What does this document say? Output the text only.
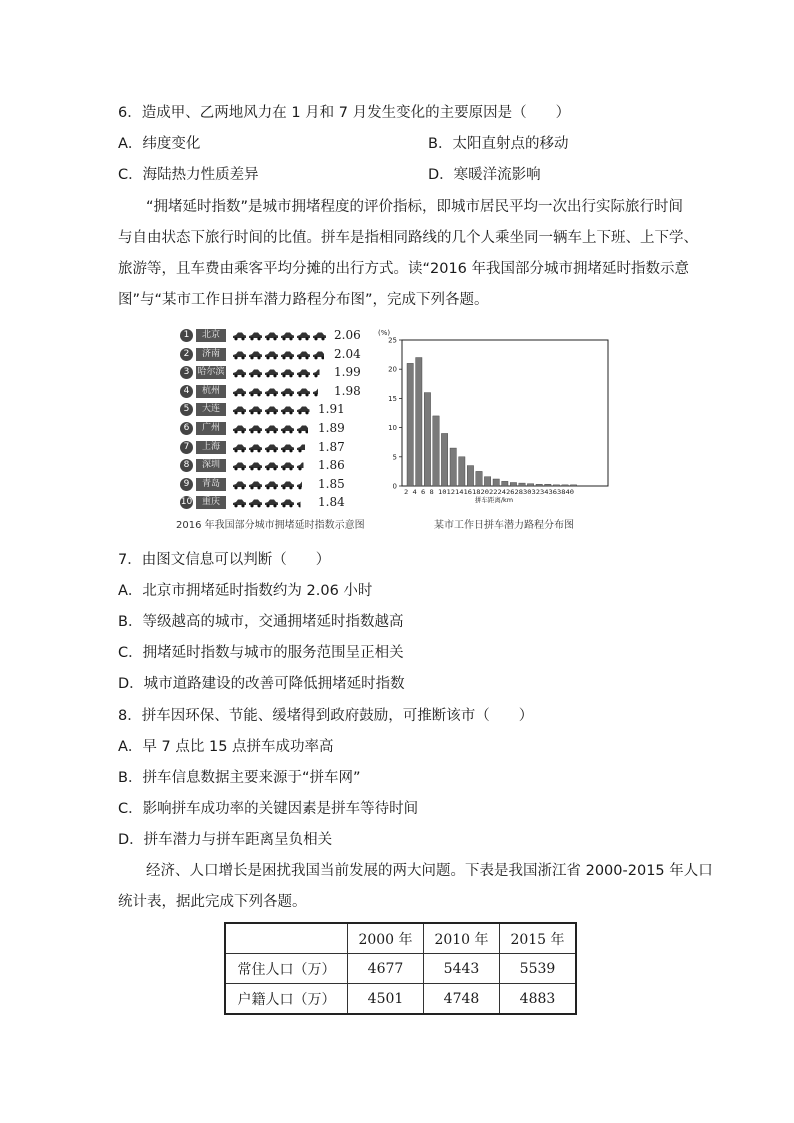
6．造成甲、乙两地风力在 1 月和 7 月发生变化的主要原因是（　　）
A．纬度变化	B．太阳直射点的移动
C．海陆热力性质差异	D．寒暖洋流影响
“拥堵延时指数”是城市拥堵程度的评价指标，即城市居民平均一次出行实际旅行时间
与自由状态下旅行时间的比值。拼车是指相同路线的几个人乘坐同一辆车上下班、上下学、
旅游等，且车费由乘客平均分摊的出行方式。读“2016 年我国部分城市拥堵延时指数示意
图”与“某市工作日拼车潜力路程分布图”，完成下列各题。
1	北京	2.06
2	济南	2.04
3 哈尔滨	1.99
4	杭州	1.98
5	大连	1.91
6	广州	1.89
7	上海	1.87
8	深圳	1.86
9	青岛	1.85
10	重庆	1.84
2016 年我国部分城市拥堵延时指数示意图
(%)
0
5
10
15
20
25
2 4 6 8 10121416182022242628303234363840
拼车距离/km
某市工作日拼车潜力路程分布图
7．由图文信息可以判断（　　）
A．北京市拥堵延时指数约为 2.06 小时
B．等级越高的城市，交通拥堵延时指数越高
C．拥堵延时指数与城市的服务范围呈正相关
D．城市道路建设的改善可降低拥堵延时指数
8．拼车因环保、节能、缓堵得到政府鼓励，可推断该市（　　）
A．早 7 点比 15 点拼车成功率高
B．拼车信息数据主要来源于“拼车网”
C．影响拼车成功率的关键因素是拼车等待时间
D．拼车潜力与拼车距离呈负相关
经济、人口增长是困扰我国当前发展的两大问题。下表是我国浙江省 2000-2015 年人口
统计表，据此完成下列各题。
	2000 年	2010 年	2015 年
常住人口（万）	4677	5443	5539
户籍人口（万）	4501	4748	4883
